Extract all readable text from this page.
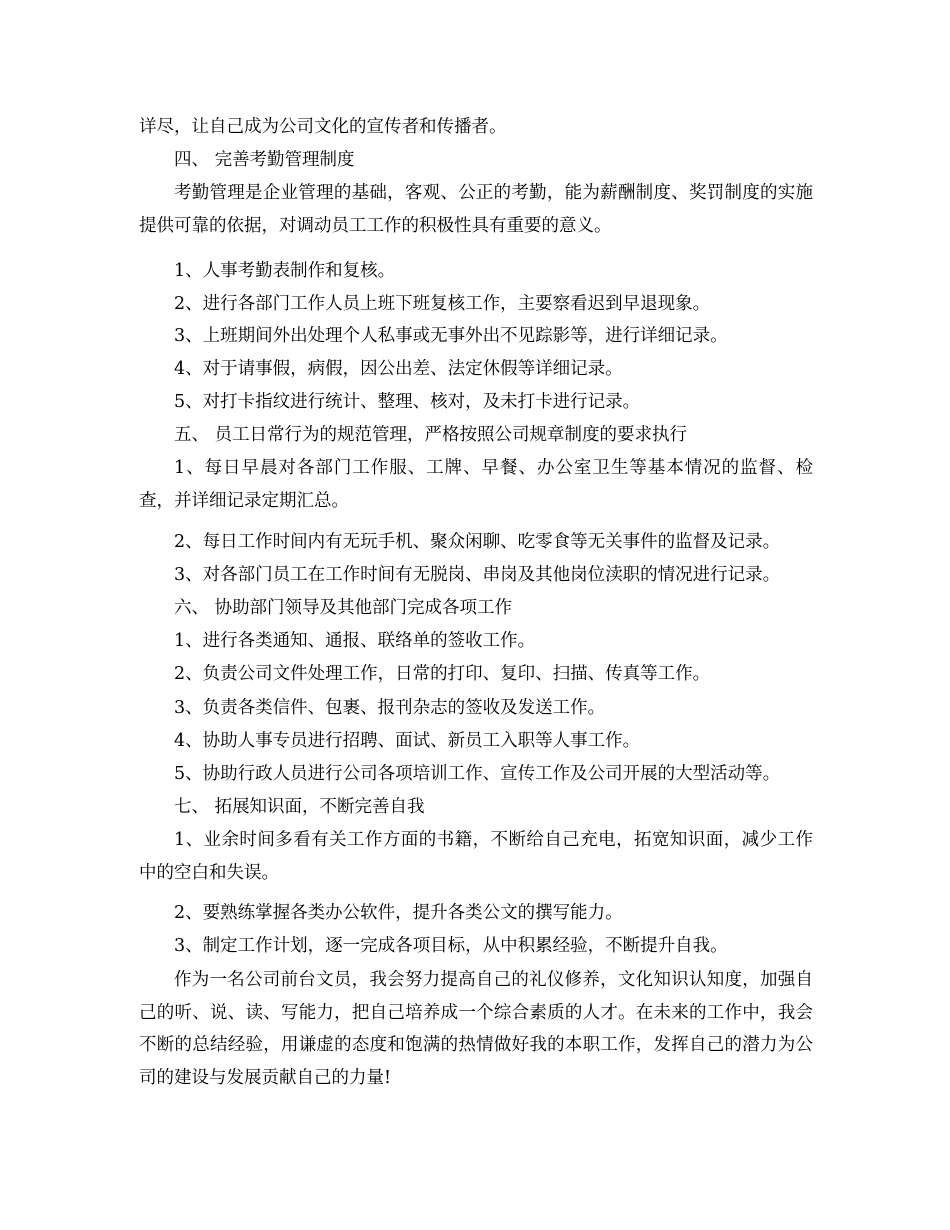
详尽，让自己成为公司文化的宣传者和传播者。

四、 完善考勤管理制度

考勤管理是企业管理的基础，客观、公正的考勤，能为薪酬制度、奖罚制度的实施提供可靠的依据，对调动员工工作的积极性具有重要的意义。

1、人事考勤表制作和复核。

2、进行各部门工作人员上班下班复核工作，主要察看迟到早退现象。

3、上班期间外出处理个人私事或无事外出不见踪影等，进行详细记录。

4、对于请事假，病假，因公出差、法定休假等详细记录。

5、对打卡指纹进行统计、整理、核对，及未打卡进行记录。

五、 员工日常行为的规范管理，严格按照公司规章制度的要求执行

1、每日早晨对各部门工作服、工牌、早餐、办公室卫生等基本情况的监督、检查，并详细记录定期汇总。

2、每日工作时间内有无玩手机、聚众闲聊、吃零食等无关事件的监督及记录。

3、对各部门员工在工作时间有无脱岗、串岗及其他岗位渎职的情况进行记录。

六、 协助部门领导及其他部门完成各项工作

1、进行各类通知、通报、联络单的签收工作。

2、负责公司文件处理工作，日常的打印、复印、扫描、传真等工作。

3、负责各类信件、包裹、报刊杂志的签收及发送工作。

4、协助人事专员进行招聘、面试、新员工入职等人事工作。

5、协助行政人员进行公司各项培训工作、宣传工作及公司开展的大型活动等。

七、 拓展知识面，不断完善自我

1、业余时间多看有关工作方面的书籍，不断给自己充电，拓宽知识面，减少工作中的空白和失误。

2、要熟练掌握各类办公软件，提升各类公文的撰写能力。

3、制定工作计划，逐一完成各项目标，从中积累经验，不断提升自我。

作为一名公司前台文员，我会努力提高自己的礼仪修养，文化知识认知度，加强自己的听、说、读、写能力，把自己培养成一个综合素质的人才。在未来的工作中，我会不断的总结经验，用谦虚的态度和饱满的热情做好我的本职工作，发挥自己的潜力为公司的建设与发展贡献自己的力量!
